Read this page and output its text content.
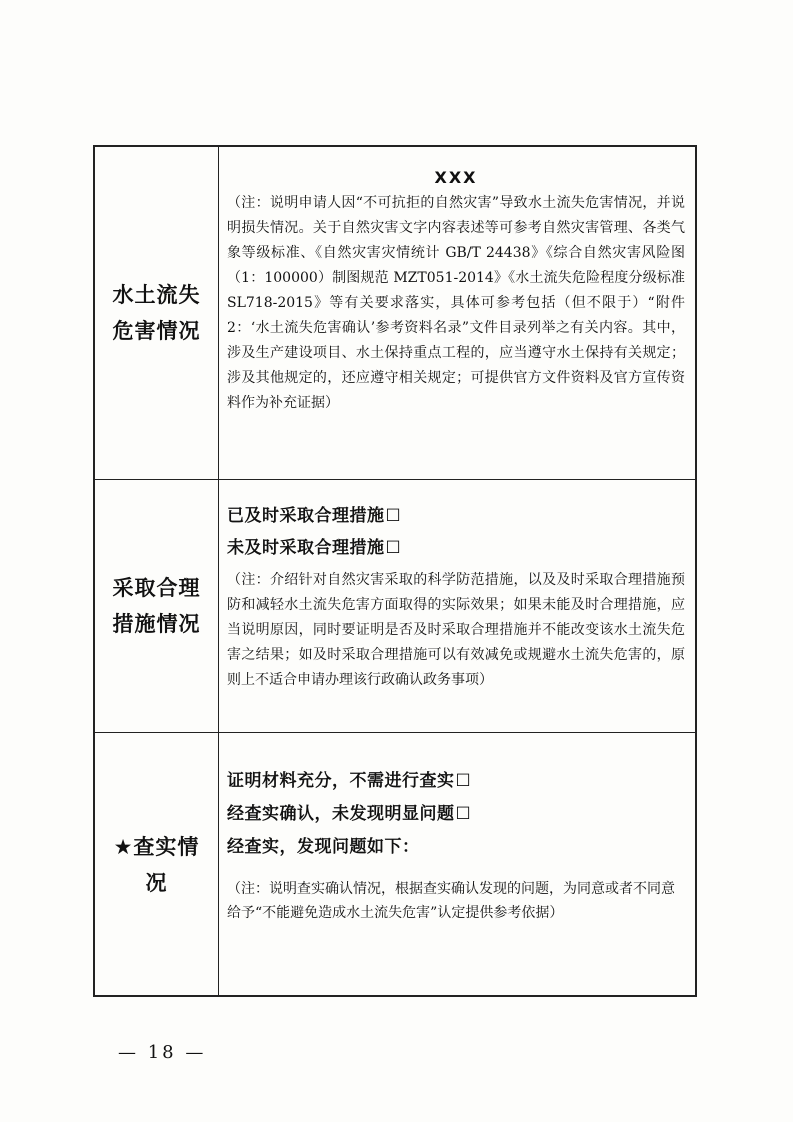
水土流失危害情况
XXX
（注：说明申请人因“不可抗拒的自然灾害”导致水土流失危害情况，并说明损失情况。关于自然灾害文字内容表述等可参考自然灾害管理、各类气象等级标准、《自然灾害灾情统计 GB/T 24438》《综合自然灾害风险图（1：100000）制图规范 MZT051-2014》《水土流失危险程度分级标准 SL718-2015》等有关要求落实，具体可参考包括（但不限于）“附件 2：‘水土流失危害确认’参考资料名录”文件目录列举之有关内容。其中，涉及生产建设项目、水土保持重点工程的，应当遵守水土保持有关规定；涉及其他规定的，还应遵守相关规定；可提供官方文件资料及官方宣传资料作为补充证据）
采取合理措施情况
已及时采取合理措施☐
未及时采取合理措施☐
（注：介绍针对自然灾害采取的科学防范措施，以及及时采取合理措施预防和减轻水土流失危害方面取得的实际效果；如果未能及时合理措施，应当说明原因，同时要证明是否及时采取合理措施并不能改变该水土流失危害之结果；如及时采取合理措施可以有效减免或规避水土流失危害的，原则上不适合申请办理该行政确认政务事项）
★查实情况
证明材料充分，不需进行查实☐
经查实确认，未发现明显问题☐
经查实，发现问题如下：
（注：说明查实确认情况，根据查实确认发现的问题，为同意或者不同意给予“不能避免造成水土流失危害”认定提供参考依据）
— 18 —
